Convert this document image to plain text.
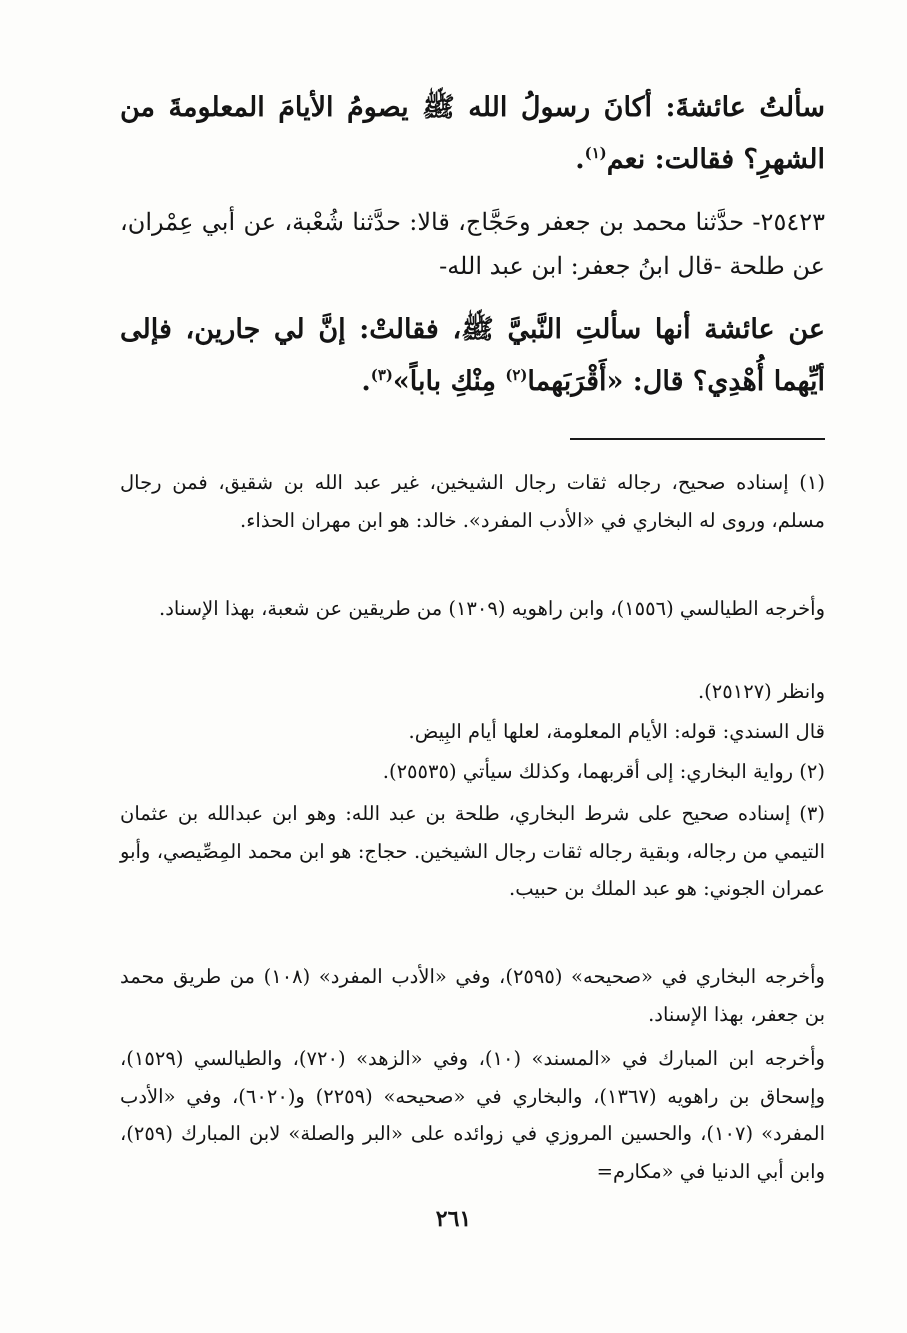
سألتُ عائشةَ: أكانَ رسولُ الله ﷺ يصومُ الأيامَ المعلومةَ من الشهرِ؟ فقالت: نعم$^{(١)}$.

٢٥٤٢٣- حدَّثنا محمد بن جعفر وحَجَّاج، قالا: حدَّثنا شُعْبة، عن أبي عِمْران، عن طلحة -قال ابنُ جعفر: ابن عبد الله-

عن عائشة أنها سألتِ النَّبيَّ ﷺ، فقالتْ: إنَّ لي جارين، فإلى أيِّهما أُهْدِي؟ قال: «أَقْرَبَهما$^{(٢)}$ مِنْكِ باباً»$^{(٣)}$.

(١) إسناده صحيح، رجاله ثقات رجال الشيخين، غير عبد الله بن شقيق، فمن رجال مسلم، وروى له البخاري في «الأدب المفرد». خالد: هو ابن مهران الحذاء.

وأخرجه الطيالسي (١٥٥٦)، وابن راهويه (١٣٠٩) من طريقين عن شعبة، بهذا الإسناد.

وانظر (٢٥١٢٧).

قال السندي: قوله: الأيام المعلومة، لعلها أيام البِيض.

(٢) رواية البخاري: إلى أقربهما، وكذلك سيأتي (٢٥٥٣٥).

(٣) إسناده صحيح على شرط البخاري، طلحة بن عبد الله: وهو ابن عبدالله بن عثمان التيمي من رجاله، وبقية رجاله ثقات رجال الشيخين. حجاج: هو ابن محمد المِصِّيصي، وأبو عمران الجوني: هو عبد الملك بن حبيب.

وأخرجه البخاري في «صحيحه» (٢٥٩٥)، وفي «الأدب المفرد» (١٠٨) من طريق محمد بن جعفر، بهذا الإسناد.

وأخرجه ابن المبارك في «المسند» (١٠)، وفي «الزهد» (٧٢٠)، والطيالسي (١٥٢٩)، وإسحاق بن راهويه (١٣٦٧)، والبخاري في «صحيحه» (٢٢٥٩) و(٦٠٢٠)، وفي «الأدب المفرد» (١٠٧)، والحسين المروزي في زوائده على «البر والصلة» لابن المبارك (٢٥٩)، وابن أبي الدنيا في «مكارم=

٢٦١
